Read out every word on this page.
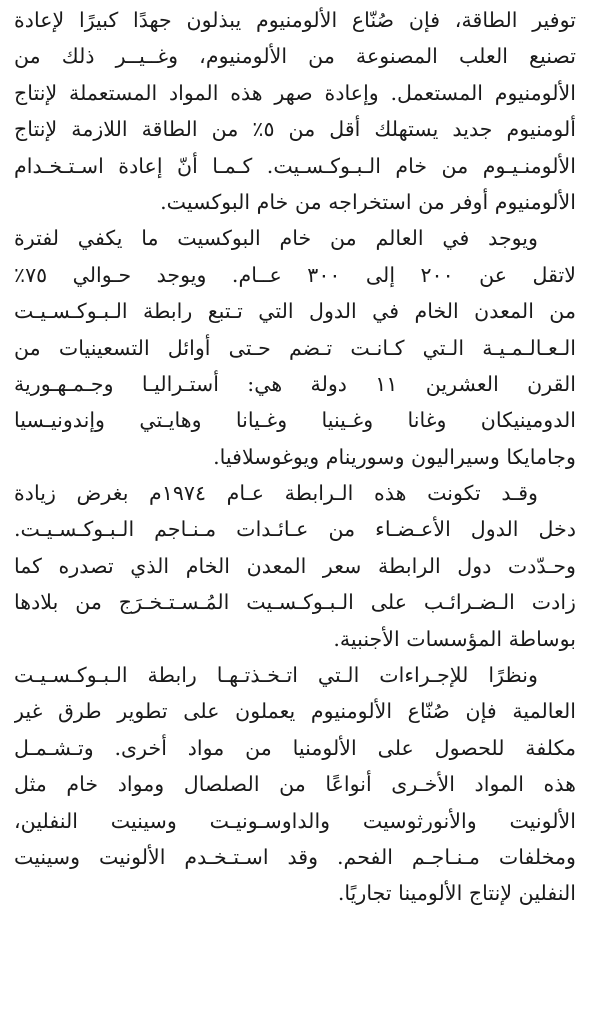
توفير الطاقة، فإن صُنّاع الألومنيوم يبذلون جهدًا كبيرًا لإعادة
تصنيع العلب المصنوعة من الألومنيوم، وغــيــر ذلك من
الألومنيوم المستعمل. وإعادة صهر هذه المواد المستعملة لإنتاج
ألومنيوم جديد يستهلك أقل من ٥٪ من الطاقة اللازمة لإنتاج
الألومنـيـوم من خام الـبـوكـسـيت. كـمـا أنّ إعادة اسـتـخـدام
الألومنيوم أوفر من استخراجه من خام البوكسيت.
ويوجد في العالم من خام البوكسيت ما يكفي لفترة
لاتقل عن ٢٠٠ إلى ٣٠٠ عــام. ويوجد حـوالي ٧٥٪
من المعدن الخام في الدول التي تـتبع رابطة الـبـوكـسـيـت
الـعـالـمـيـة الـتي كـانـت تـضم حـتى أوائل التسعينيات من
القرن العشرين ١١ دولة هي: أستـراليـا وجـمـهـورية
الدومينيكان وغانا وغـينيا وغـيانا وهايـتي وإندونيـسيا
وجامايكا وسيراليون وسورينام ويوغوسلافيا.
وقـد تكونت هذه الـرابطة عـام ١٩٧٤م بغرض زيادة
دخل الدول الأعـضـاء من عـائـدات مـنـاجم الـبـوكـسـيـت.
وحـدّدت دول الرابطة سعر المعدن الخام الذي تصدره كما
زادت الـضـرائـب على الـبـوكـسـيت المُـسـتـخـرَج من بلادها
بوساطة المؤسسات الأجنبية.
ونظرًا للإجـراءات الـتي اتـخـذتـهـا رابطة الـبـوكـسـيـت
العالمية فإن صُنّاع الألومنيوم يعملون على تطوير طرق غير
مكلفة للحصول على الألومنيا من مواد أخرى. وتـشـمـل
هذه المواد الأخـرى أنواعًا من الصلصال ومواد خام مثل
الألونيت والأنورثوسيت والداوسـونيـت وسينيت النفلين،
ومخلفات مـنـاجـم الفحم. وقد اسـتـخـدم الألونيت وسينيت
النفلين لإنتاج الألومينا تجاريًا.
